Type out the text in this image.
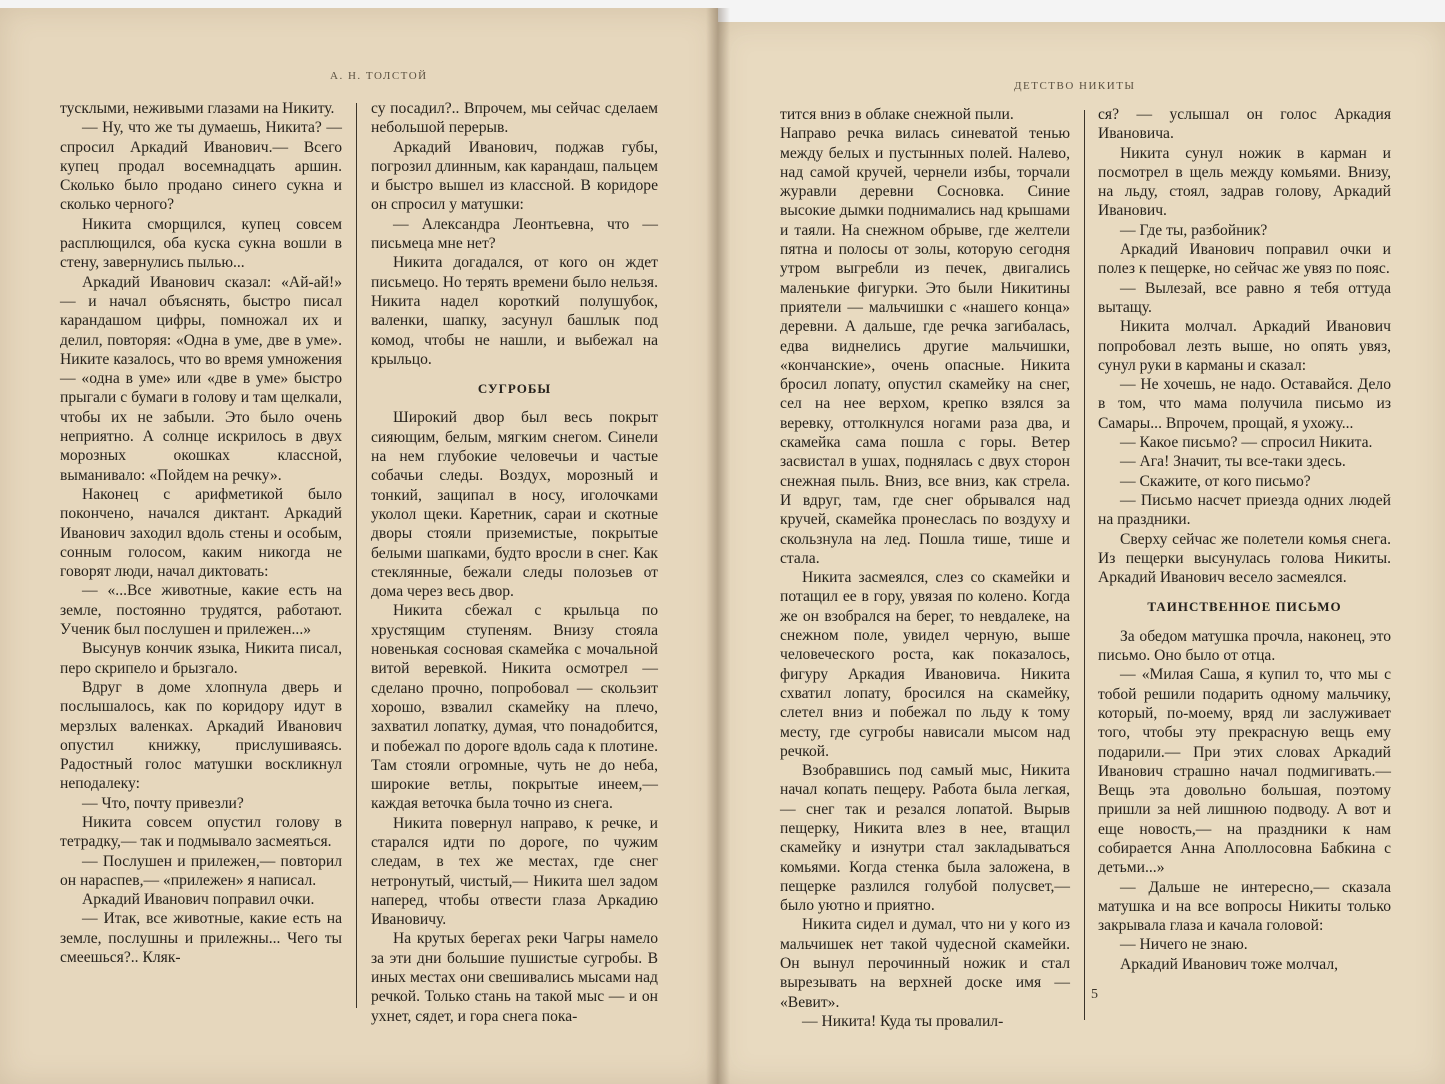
А. Н. ТОЛСТОЙ

тусклыми, неживыми глазами на Никиту.

— Ну, что же ты думаешь, Никита? — спросил Аркадий Иванович.— Всего купец продал восемнадцать аршин. Сколько было продано синего сукна и сколько черного?

Никита сморщился, купец совсем расплющился, оба куска сукна вошли в стену, завернулись пылью...

Аркадий Иванович сказал: «Ай-ай!» — и начал объяснять, быстро писал карандашом цифры, помножал их и делил, повторяя: «Одна в уме, две в уме». Никите казалось, что во время умножения — «одна в уме» или «две в уме» быстро прыгали с бумаги в голову и там щелкали, чтобы их не забыли. Это было очень неприятно. А солнце искрилось в двух морозных окошках классной, выманивало: «Пойдем на речку».

Наконец с арифметикой было покончено, начался диктант. Аркадий Иванович заходил вдоль стены и особым, сонным голосом, каким никогда не говорят люди, начал диктовать:

— «...Все животные, какие есть на земле, постоянно трудятся, работают. Ученик был послушен и прилежен...»

Высунув кончик языка, Никита писал, перо скрипело и брызгало.

Вдруг в доме хлопнула дверь и послышалось, как по коридору идут в мерзлых валенках. Аркадий Иванович опустил книжку, прислушиваясь. Радостный голос матушки воскликнул неподалеку:

— Что, почту привезли?

Никита совсем опустил голову в тетрадку,— так и подмывало засмеяться.

— Послушен и прилежен,— повторил он нараспев,— «прилежен» я написал.

Аркадий Иванович поправил очки.

— Итак, все животные, какие есть на земле, послушны и прилежны... Чего ты смеешься?.. Кляк-

су посадил?.. Впрочем, мы сейчас сделаем небольшой перерыв.

Аркадий Иванович, поджав губы, погрозил длинным, как карандаш, пальцем и быстро вышел из классной. В коридоре он спросил у матушки:

— Александра Леонтьевна, что — письмеца мне нет?

Никита догадался, от кого он ждет письмецо. Но терять времени было нельзя. Никита надел короткий полушубок, валенки, шапку, засунул башлык под комод, чтобы не нашли, и выбежал на крыльцо.

СУГРОБЫ

Широкий двор был весь покрыт сияющим, белым, мягким снегом. Синели на нем глубокие человечьи и частые собачьи следы. Воздух, морозный и тонкий, защипал в носу, иголочками уколол щеки. Каретник, сараи и скотные дворы стояли приземистые, покрытые белыми шапками, будто вросли в снег. Как стеклянные, бежали следы полозьев от дома через весь двор.

Никита сбежал с крыльца по хрустящим ступеням. Внизу стояла новенькая сосновая скамейка с мочальной витой веревкой. Никита осмотрел — сделано прочно, попробовал — скользит хорошо, взвалил скамейку на плечо, захватил лопатку, думая, что понадобится, и побежал по дороге вдоль сада к плотине. Там стояли огромные, чуть не до неба, широкие ветлы, покрытые инеем,— каждая веточка была точно из снега.

Никита повернул направо, к речке, и старался идти по дороге, по чужим следам, в тех же местах, где снег нетронутый, чистый,— Никита шел задом наперед, чтобы отвести глаза Аркадию Ивановичу.

На крутых берегах реки Чагры намело за эти дни большие пушистые сугробы. В иных местах они свешивались мысами над речкой. Только стань на такой мыс — и он ухнет, сядет, и гора снега пока-

ДЕТСТВО НИКИТЫ

тится вниз в облаке снежной пыли.

Направо речка вилась синеватой тенью между белых и пустынных полей. Налево, над самой кручей, чернели избы, торчали журавли деревни Сосновка. Синие высокие дымки поднимались над крышами и таяли. На снежном обрыве, где желтели пятна и полосы от золы, которую сегодня утром выгребли из печек, двигались маленькие фигурки. Это были Никитины приятели — мальчишки с «нашего конца» деревни. А дальше, где речка загибалась, едва виднелись другие мальчишки, «кончанские», очень опасные. Никита бросил лопату, опустил скамейку на снег, сел на нее верхом, крепко взялся за веревку, оттолкнулся ногами раза два, и скамейка сама пошла с горы. Ветер засвистал в ушах, поднялась с двух сторон снежная пыль. Вниз, все вниз, как стрела. И вдруг, там, где снег обрывался над кручей, скамейка пронеслась по воздуху и скользнула на лед. Пошла тише, тише и стала.

Никита засмеялся, слез со скамейки и потащил ее в гору, увязая по колено. Когда же он взобрался на берег, то невдалеке, на снежном поле, увидел черную, выше человеческого роста, как показалось, фигуру Аркадия Ивановича. Никита схватил лопату, бросился на скамейку, слетел вниз и побежал по льду к тому месту, где сугробы нависали мысом над речкой.

Взобравшись под самый мыс, Никита начал копать пещеру. Работа была легкая,— снег так и резался лопатой. Вырыв пещерку, Никита влез в нее, втащил скамейку и изнутри стал закладываться комьями. Когда стенка была заложена, в пещерке разлился голубой полусвет,— было уютно и приятно.

Никита сидел и думал, что ни у кого из мальчишек нет такой чудесной скамейки. Он вынул перочинный ножик и стал вырезывать на верхней доске имя — «Вевит».

— Никита! Куда ты провалил-

ся? — услышал он голос Аркадия Ивановича.

Никита сунул ножик в карман и посмотрел в щель между комьями. Внизу, на льду, стоял, задрав голову, Аркадий Иванович.

— Где ты, разбойник?

Аркадий Иванович поправил очки и полез к пещерке, но сейчас же увяз по пояс.

— Вылезай, все равно я тебя оттуда вытащу.

Никита молчал. Аркадий Иванович попробовал лезть выше, но опять увяз, сунул руки в карманы и сказал:

— Не хочешь, не надо. Оставайся. Дело в том, что мама получила письмо из Самары... Впрочем, прощай, я ухожу...

— Какое письмо? — спросил Никита.

— Ага! Значит, ты все-таки здесь.

— Скажите, от кого письмо?

— Письмо насчет приезда одних людей на праздники.

Сверху сейчас же полетели комья снега. Из пещерки высунулась голова Никиты. Аркадий Иванович весело засмеялся.

ТАИНСТВЕННОЕ ПИСЬМО

За обедом матушка прочла, наконец, это письмо. Оно было от отца.

— «Милая Саша, я купил то, что мы с тобой решили подарить одному мальчику, который, по-моему, вряд ли заслуживает того, чтобы эту прекрасную вещь ему подарили.— При этих словах Аркадий Иванович страшно начал подмигивать.— Вещь эта довольно большая, поэтому пришли за ней лишнюю подводу. А вот и еще новость,— на праздники к нам собирается Анна Аполлосовна Бабкина с детьми...»

— Дальше не интересно,— сказала матушка и на все вопросы Никиты только закрывала глаза и качала головой:

— Ничего не знаю.

Аркадий Иванович тоже молчал,

5
